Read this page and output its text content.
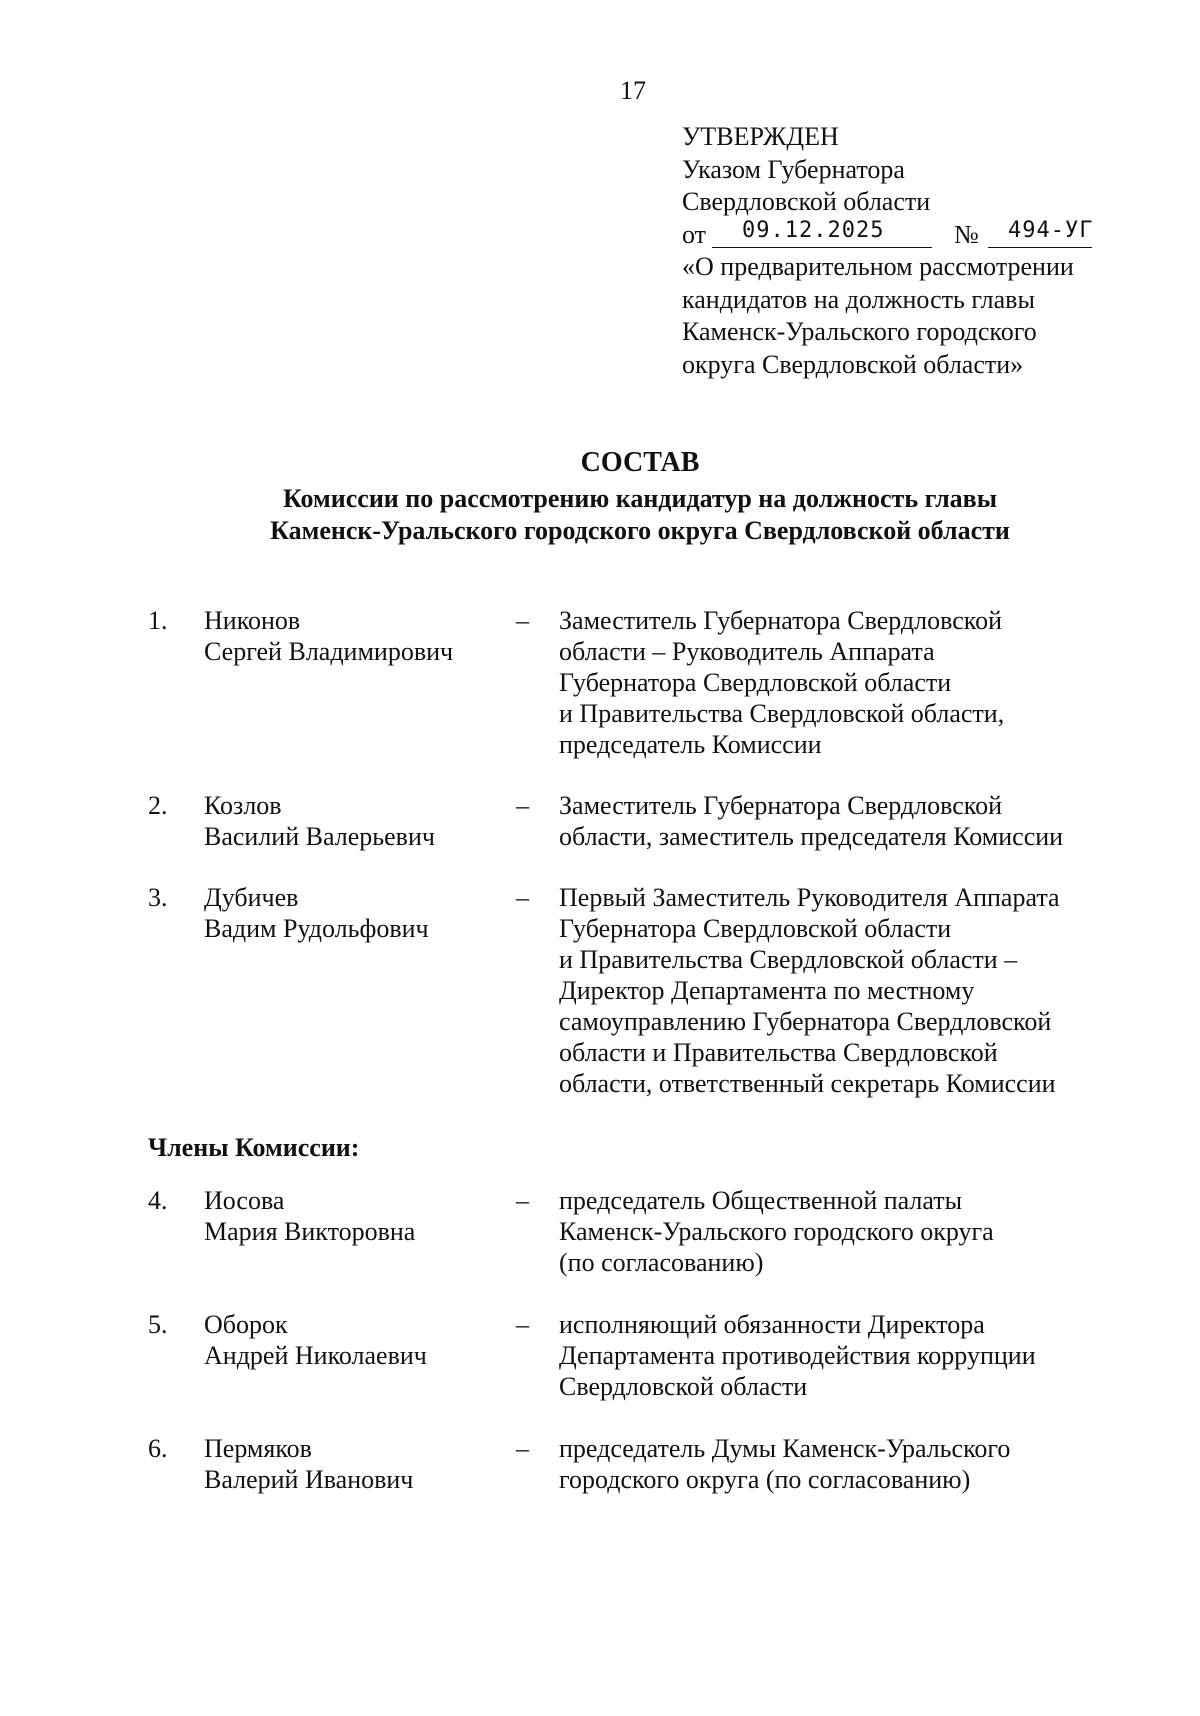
17
УТВЕРЖДЕН
Указом Губернатора
Свердловской области
от 09.12.2025	№ 494-УГ
«О предварительном рассмотрении
кандидатов на должность главы
Каменск-Уральского городского
округа Свердловской области»
СОСТАВ
Комиссии по рассмотрению кандидатур на должность главы
Каменск-Уральского городского округа Свердловской области
1. Никонов
Сергей Владимирович
– Заместитель Губернатора Свердловской
области – Руководитель Аппарата
Губернатора Свердловской области
и Правительства Свердловской области,
председатель Комиссии
2. Козлов
Василий Валерьевич
– Заместитель Губернатора Свердловской
области, заместитель председателя Комиссии
3. Дубичев
Вадим Рудольфович
– Первый Заместитель Руководителя Аппарата
Губернатора Свердловской области
и Правительства Свердловской области –
Директор Департамента по местному
самоуправлению Губернатора Свердловской
области и Правительства Свердловской
области, ответственный секретарь Комиссии
Члены Комиссии:
4. Иосова
Мария Викторовна
– председатель Общественной палаты
Каменск-Уральского городского округа
(по согласованию)
5. Оборок
Андрей Николаевич
– исполняющий обязанности Директора
Департамента противодействия коррупции
Свердловской области
6. Пермяков
Валерий Иванович
– председатель Думы Каменск-Уральского
городского округа (по согласованию)
